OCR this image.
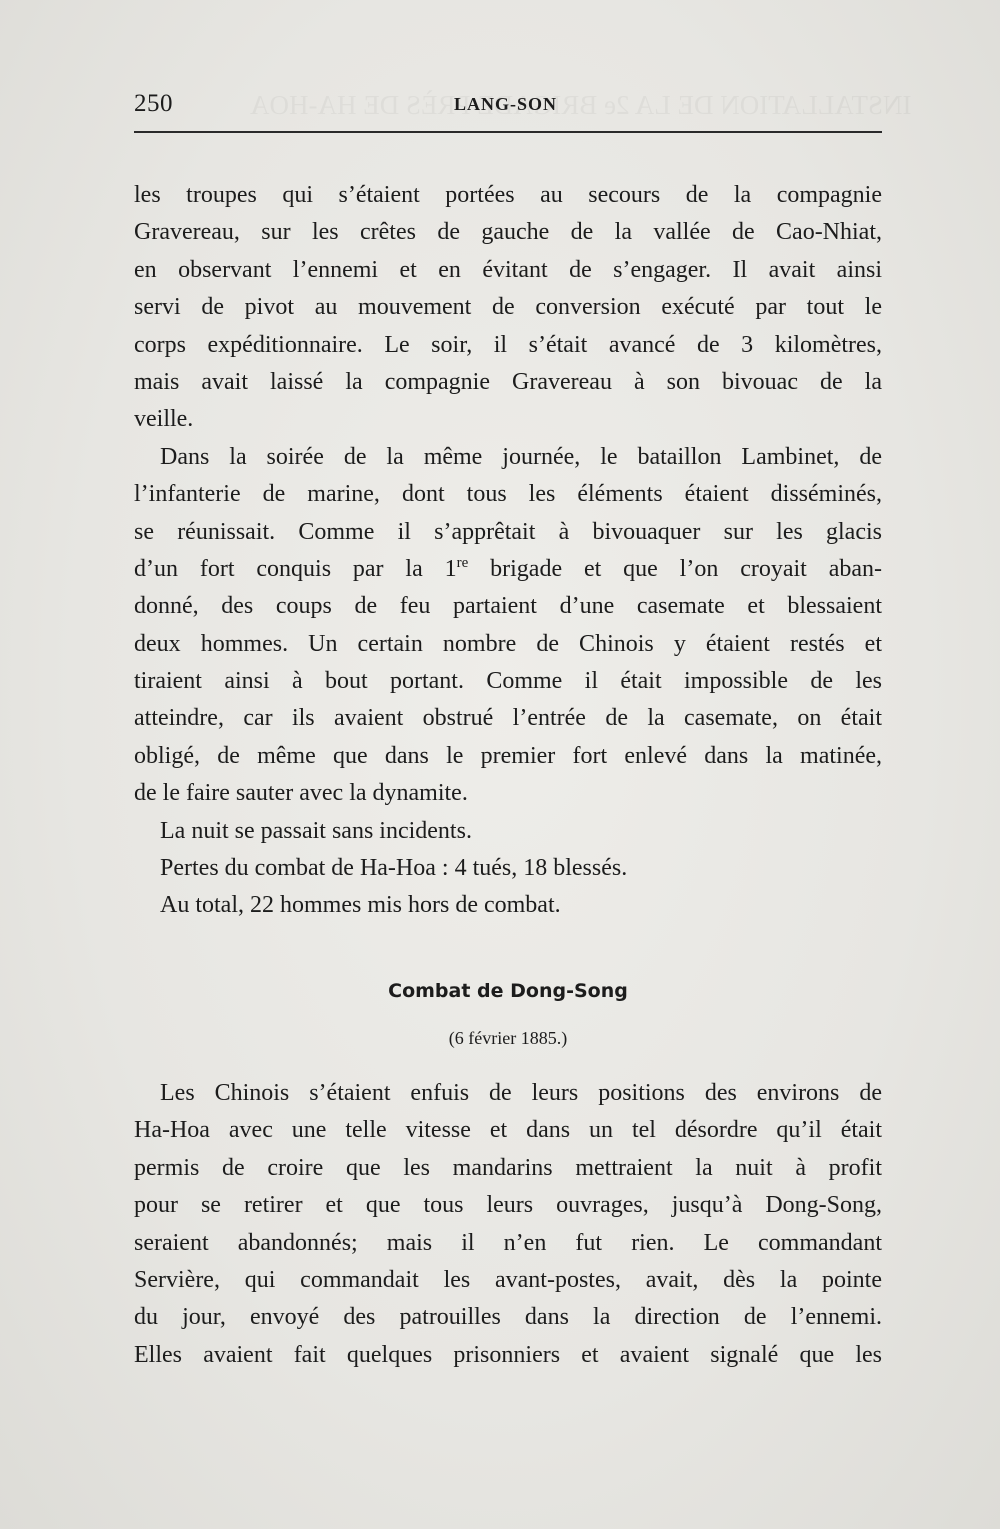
250	LANG-SON
les troupes qui s’étaient portées au secours de la compagnie
Gravereau, sur les crêtes de gauche de la vallée de Cao-Nhiat,
en observant l’ennemi et en évitant de s’engager. Il avait ainsi
servi de pivot au mouvement de conversion exécuté par tout le
corps expéditionnaire. Le soir, il s’était avancé de 3 kilomètres,
mais avait laissé la compagnie Gravereau à son bivouac de la
veille.
Dans la soirée de la même journée, le bataillon Lambinet, de
l’infanterie de marine, dont tous les éléments étaient disséminés,
se réunissait. Comme il s’apprêtait à bivouaquer sur les glacis
d’un fort conquis par la 1re brigade et que l’on croyait aban-
donné, des coups de feu partaient d’une casemate et blessaient
deux hommes. Un certain nombre de Chinois y étaient restés et
tiraient ainsi à bout portant. Comme il était impossible de les
atteindre, car ils avaient obstrué l’entrée de la casemate, on était
obligé, de même que dans le premier fort enlevé dans la matinée,
de le faire sauter avec la dynamite.
La nuit se passait sans incidents.
Pertes du combat de Ha-Hoa : 4 tués, 18 blessés.
Au total, 22 hommes mis hors de combat.
Combat de Dong-Song
(6 février 1885.)
Les Chinois s’étaient enfuis de leurs positions des environs de
Ha-Hoa avec une telle vitesse et dans un tel désordre qu’il était
permis de croire que les mandarins mettraient la nuit à profit
pour se retirer et que tous leurs ouvrages, jusqu’à Dong-Song,
seraient abandonnés; mais il n’en fut rien. Le commandant
Servière, qui commandait les avant-postes, avait, dès la pointe
du jour, envoyé des patrouilles dans la direction de l’ennemi.
Elles avaient fait quelques prisonniers et avaient signalé que les
